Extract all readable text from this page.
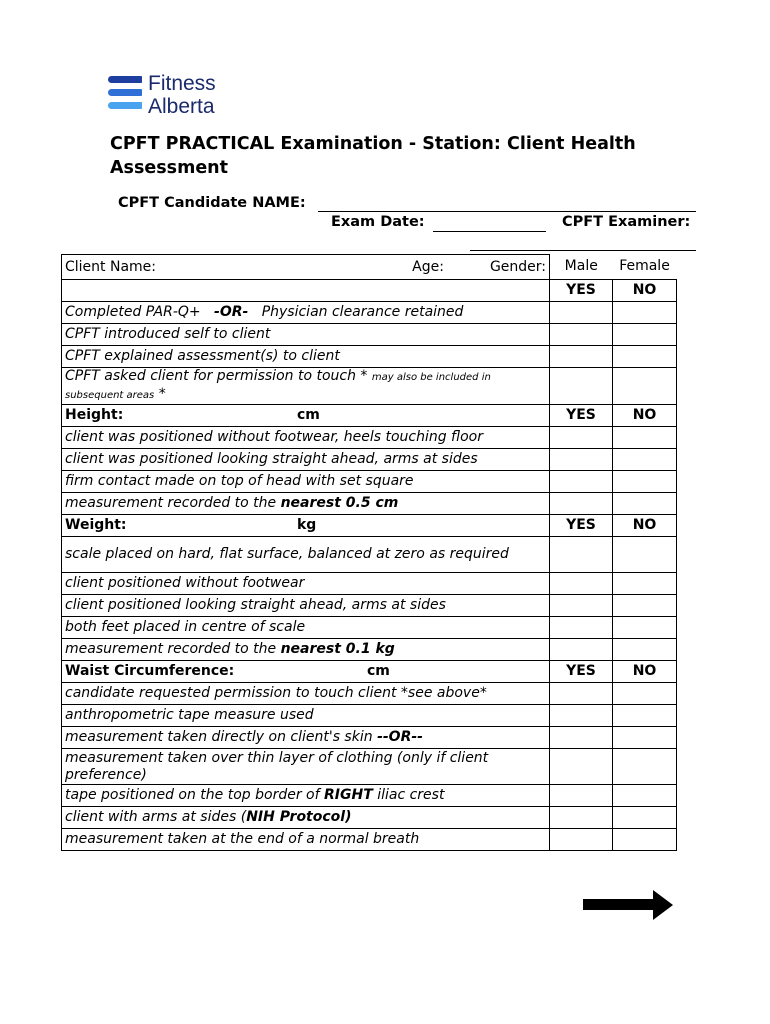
Fitness
Alberta
CPFT PRACTICAL Examination - Station: Client Health Assessment
CPFT Candidate NAME:
Exam Date:	CPFT Examiner:
Client Name: Age: Gender:	Male	Female
	YES	NO
Completed PAR-Q+ -OR- Physician clearance retained		
CPFT introduced self to client		
CPFT explained assessment(s) to client		
CPFT asked client for permission to touch * may also be included in subsequent areas *		

Height: cm	YES	NO
client was positioned without footwear, heels touching floor		
client was positioned looking straight ahead, arms at sides		
firm contact made on top of head with set square		
measurement recorded to the nearest 0.5 cm		

Weight: kg	YES	NO
scale placed on hard, flat surface, balanced at zero as required		
client positioned without footwear		
client positioned looking straight ahead, arms at sides		
both feet placed in centre of scale		
measurement recorded to the nearest 0.1 kg		

Waist Circumference: cm	YES	NO
candidate requested permission to touch client *see above*		
anthropometric tape measure used		
measurement taken directly on client's skin --OR--		
measurement taken over thin layer of clothing (only if client preference)		
tape positioned on the top border of RIGHT iliac crest		
client with arms at sides (NIH Protocol)		
measurement taken at the end of a normal breath		
